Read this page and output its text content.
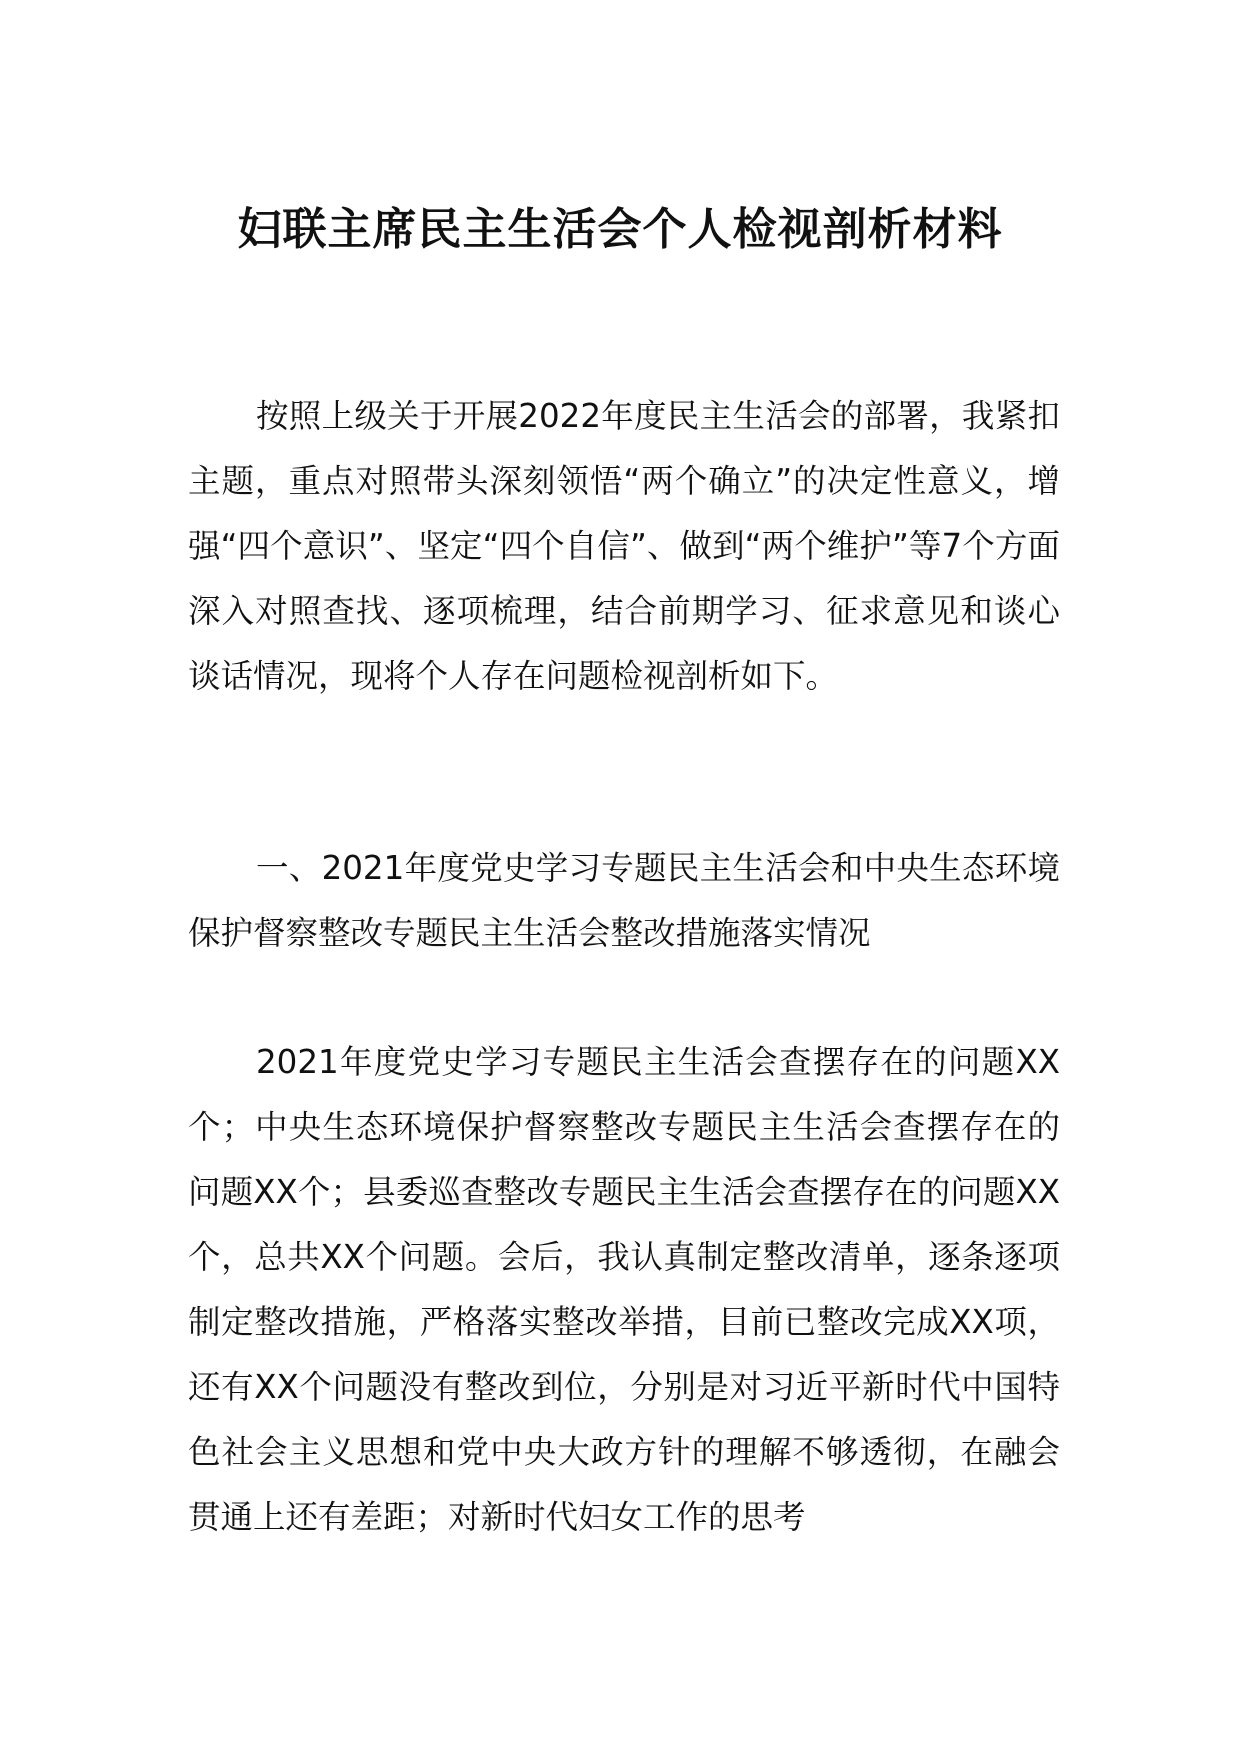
妇联主席民主生活会个人检视剖析材料

按照上级关于开展2022年度民主生活会的部署，我紧扣主题，重点对照带头深刻领悟“两个确立”的决定性意义，增强“四个意识”、坚定“四个自信”、做到“两个维护”等7个方面深入对照查找、逐项梳理，结合前期学习、征求意见和谈心谈话情况，现将个人存在问题检视剖析如下。

一、2021年度党史学习专题民主生活会和中央生态环境保护督察整改专题民主生活会整改措施落实情况

2021年度党史学习专题民主生活会查摆存在的问题XX个；中央生态环境保护督察整改专题民主生活会查摆存在的问题XX个；县委巡查整改专题民主生活会查摆存在的问题XX个，总共XX个问题。会后，我认真制定整改清单，逐条逐项制定整改措施，严格落实整改举措，目前已整改完成XX项，还有XX个问题没有整改到位，分别是对习近平新时代中国特色社会主义思想和党中央大政方针的理解不够透彻，在融会贯通上还有差距；对新时代妇女工作的思考
